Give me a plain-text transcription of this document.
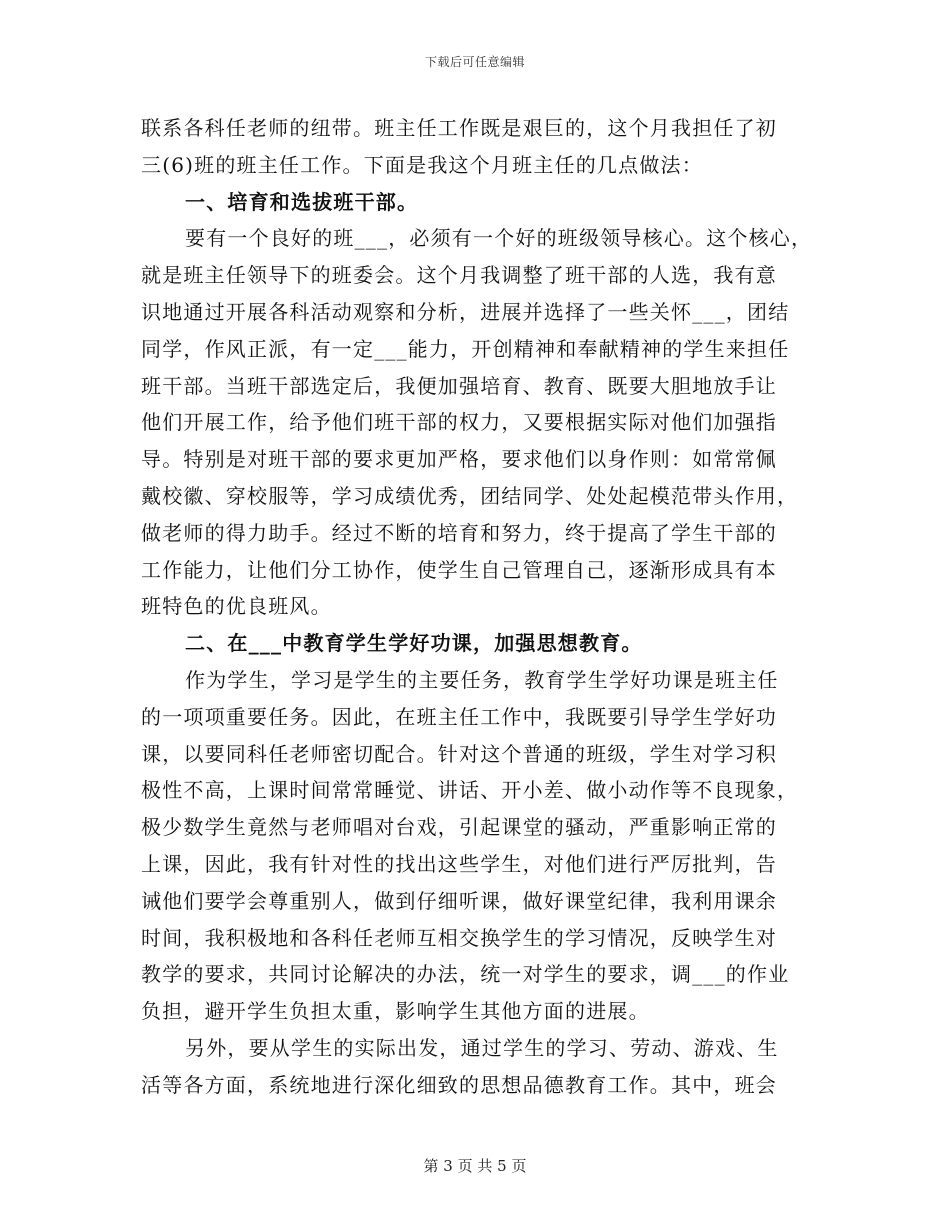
下载后可任意编辑
联系各科任老师的纽带。班主任工作既是艰巨的，这个月我担任了初
三(6)班的班主任工作。下面是我这个月班主任的几点做法：
一、培育和选拔班干部。
要有一个良好的班___，必须有一个好的班级领导核心。这个核心，
就是班主任领导下的班委会。这个月我调整了班干部的人选，我有意
识地通过开展各科活动观察和分析，进展并选择了一些关怀___，团结
同学，作风正派，有一定___能力，开创精神和奉献精神的学生来担任
班干部。当班干部选定后，我便加强培育、教育、既要大胆地放手让
他们开展工作，给予他们班干部的权力，又要根据实际对他们加强指
导。特别是对班干部的要求更加严格，要求他们以身作则：如常常佩
戴校徽、穿校服等，学习成绩优秀，团结同学、处处起模范带头作用，
做老师的得力助手。经过不断的培育和努力，终于提高了学生干部的
工作能力，让他们分工协作，使学生自己管理自己，逐渐形成具有本
班特色的优良班风。
二、在___中教育学生学好功课，加强思想教育。
作为学生，学习是学生的主要任务，教育学生学好功课是班主任
的一项项重要任务。因此，在班主任工作中，我既要引导学生学好功
课，以要同科任老师密切配合。针对这个普通的班级，学生对学习积
极性不高，上课时间常常睡觉、讲话、开小差、做小动作等不良现象，
极少数学生竟然与老师唱对台戏，引起课堂的骚动，严重影响正常的
上课，因此，我有针对性的找出这些学生，对他们进行严厉批判，告
诫他们要学会尊重别人，做到仔细听课，做好课堂纪律，我利用课余
时间，我积极地和各科任老师互相交换学生的学习情况，反映学生对
教学的要求，共同讨论解决的办法，统一对学生的要求，调___的作业
负担，避开学生负担太重，影响学生其他方面的进展。
另外，要从学生的实际出发，通过学生的学习、劳动、游戏、生
活等各方面，系统地进行深化细致的思想品德教育工作。其中，班会
第 3 页 共 5 页
